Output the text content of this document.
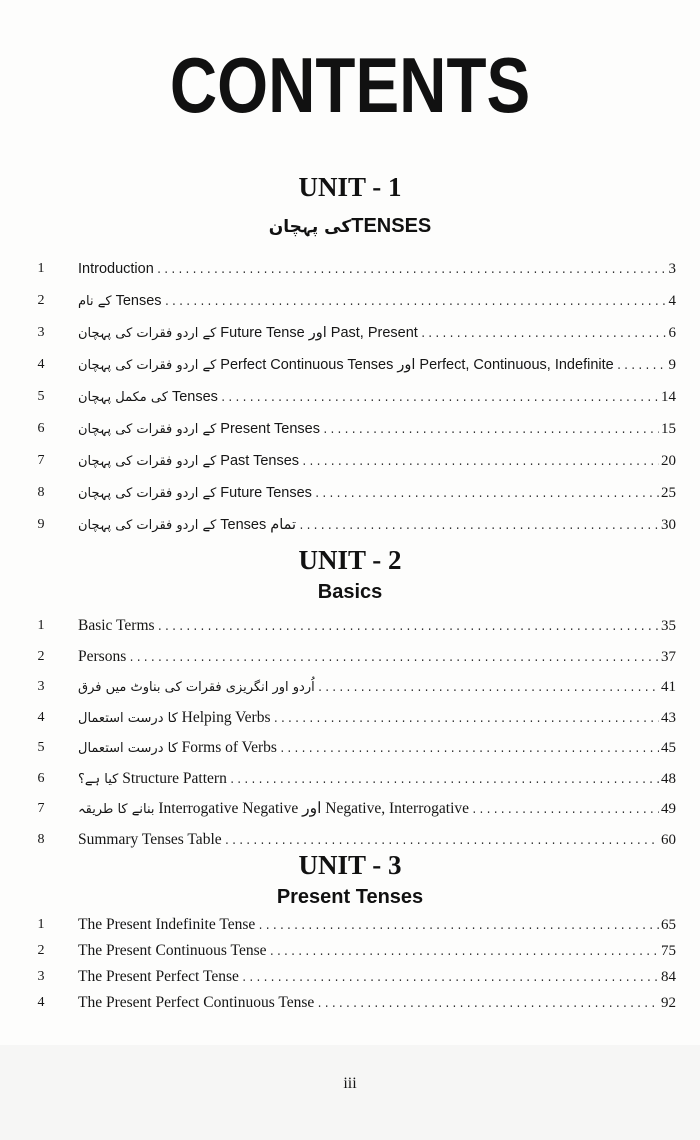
CONTENTS
UNIT - 1
کی پہچانTENSES
1	Introduction .....	3
2	کے نام Tenses .....	4
3	کے اردو فقرات کی پہچان Future Tense اور Past, Present .....	6
4	کے اردو فقرات کی پہچان Perfect Continuous Tenses اور Perfect, Continuous, Indefinite .....	9
5	کی مکمل پہچان Tenses .....	14
6	کے اردو فقرات کی پہچان Present Tenses .....	15
7	کے اردو فقرات کی پہچان Past Tenses .....	20
8	کے اردو فقرات کی پہچان Future Tenses .....	25
9	کے اردو فقرات کی پہچان Tenses تمام .....	30
UNIT - 2
Basics
1	Basic Terms .....	35
2	Persons .....	37
3	اُردو اور انگریزی فقرات کی بناوٹ میں فرق .....	41
4	کا درست استعمال Helping Verbs .....	43
5	کا درست استعمال Forms of Verbs .....	45
6	کیا ہے؟ Structure Pattern .....	48
7	بنانے کا طریقہ Interrogative Negative اور Negative, Interrogative .....	49
8	Summary Tenses Table .....	60
UNIT - 3
Present Tenses
1	The Present Indefinite Tense .....	65
2	The Present Continuous Tense .....	75
3	The Present Perfect Tense .....	84
4	The Present Perfect Continuous Tense .....	92
iii
